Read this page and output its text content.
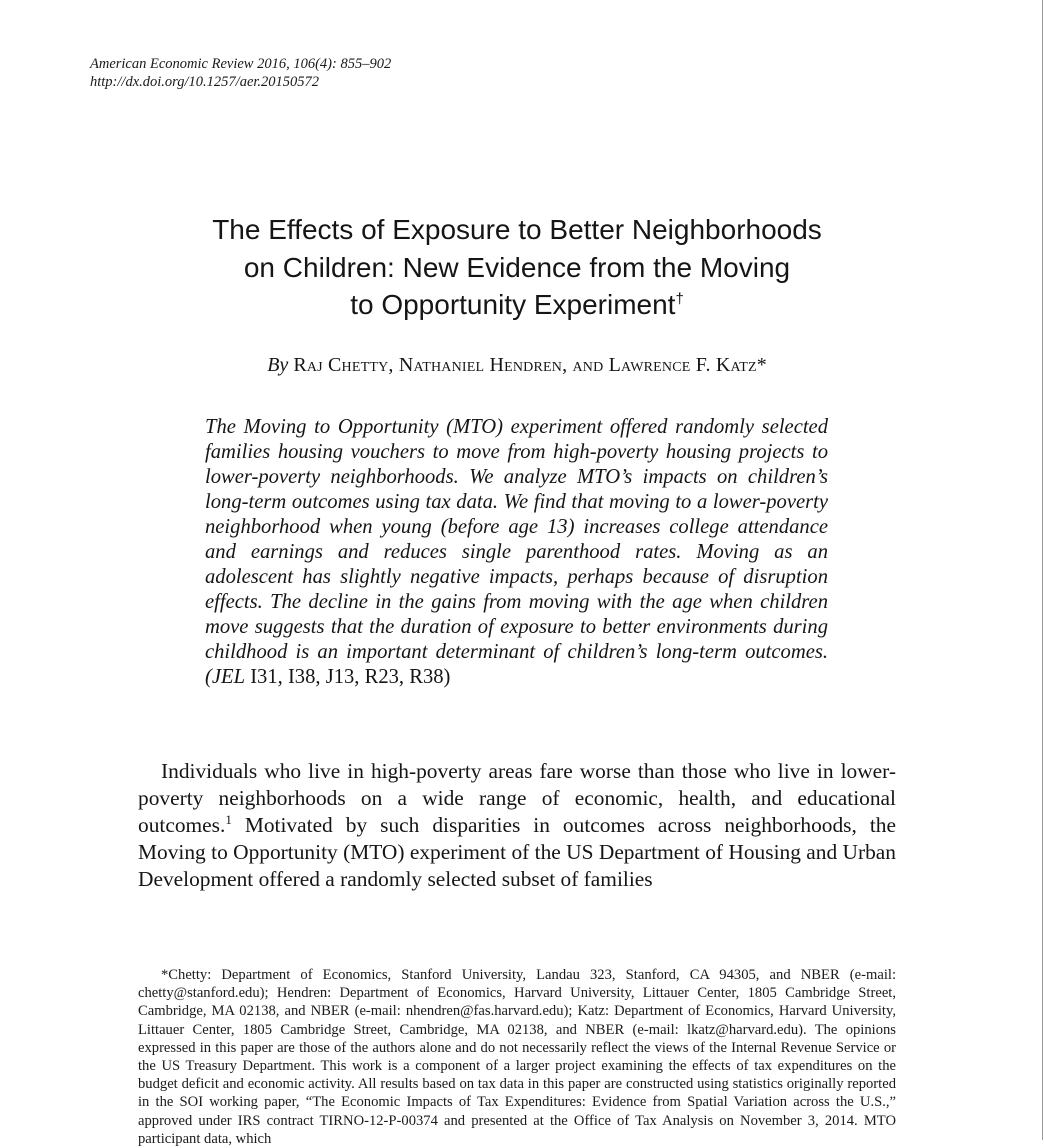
American Economic Review 2016, 106(4): 855–902
http://dx.doi.org/10.1257/aer.20150572
The Effects of Exposure to Better Neighborhoods
on Children: New Evidence from the Moving
to Opportunity Experiment†
By Raj Chetty, Nathaniel Hendren, and Lawrence F. Katz*
The Moving to Opportunity (MTO) experiment offered randomly selected families housing vouchers to move from high-poverty housing projects to lower-poverty neighborhoods. We analyze MTO’s impacts on children’s long-term outcomes using tax data. We find that moving to a lower-poverty neighborhood when young (before age 13) increases college attendance and earnings and reduces single parenthood rates. Moving as an adolescent has slightly negative impacts, perhaps because of disruption effects. The decline in the gains from moving with the age when children move suggests that the duration of exposure to better environments during childhood is an important determinant of children’s long-term outcomes. (JEL I31, I38, J13, R23, R38)

Individuals who live in high-poverty areas fare worse than those who live in lower-poverty neighborhoods on a wide range of economic, health, and educational outcomes.$^1$ Motivated by such disparities in outcomes across neighborhoods, the Moving to Opportunity (MTO) experiment of the US Department of Housing and Urban Development offered a randomly selected subset of families

*Chetty: Department of Economics, Stanford University, Landau 323, Stanford, CA 94305, and NBER (e-mail: chetty@stanford.edu); Hendren: Department of Economics, Harvard University, Littauer Center, 1805 Cambridge Street, Cambridge, MA 02138, and NBER (e-mail: nhendren@fas.harvard.edu); Katz: Department of Economics, Harvard University, Littauer Center, 1805 Cambridge Street, Cambridge, MA 02138, and NBER (e-mail: lkatz@harvard.edu). The opinions expressed in this paper are those of the authors alone and do not necessarily reflect the views of the Internal Revenue Service or the US Treasury Department. This work is a component of a larger project examining the effects of tax expenditures on the budget deficit and economic activity. All results based on tax data in this paper are constructed using statistics originally reported in the SOI working paper, “The Economic Impacts of Tax Expenditures: Evidence from Spatial Variation across the U.S.,” approved under IRS contract TIRNO-12-P-00374 and presented at the Office of Tax Analysis on November 3, 2014. MTO participant data, which
